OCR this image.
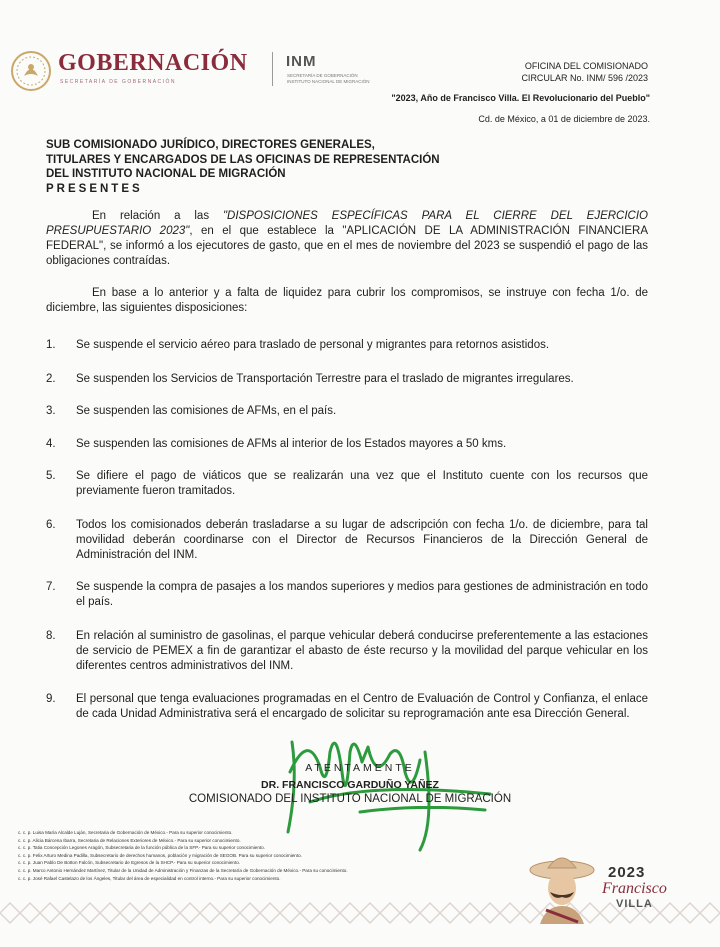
GOBERNACIÓN
SECRETARÍA DE GOBERNACIÓN
INM
SECRETARÍA DE GOBERNACIÓN INSTITUTO NACIONAL DE MIGRACIÓN
OFICINA DEL COMISIONADO
CIRCULAR No. INM/ 596 /2023
"2023, Año de Francisco Villa. El Revolucionario del Pueblo"
Cd. de México, a 01 de diciembre de 2023.
SUB COMISIONADO JURÍDICO, DIRECTORES GENERALES,
TITULARES Y ENCARGADOS DE LAS OFICINAS DE REPRESENTACIÓN
DEL INSTITUTO NACIONAL DE MIGRACIÓN
PRESENTES
En relación a las "DISPOSICIONES ESPECÍFICAS PARA EL CIERRE DEL EJERCICIO PRESUPUESTARIO 2023", en el que establece la "APLICACIÓN DE LA ADMINISTRACIÓN FINANCIERA FEDERAL", se informó a los ejecutores de gasto, que en el mes de noviembre del 2023 se suspendió el pago de las obligaciones contraídas.
En base a lo anterior y a falta de liquidez para cubrir los compromisos, se instruye con fecha 1/o. de diciembre, las siguientes disposiciones:
1. Se suspende el servicio aéreo para traslado de personal y migrantes para retornos asistidos.
2. Se suspenden los Servicios de Transportación Terrestre para el traslado de migrantes irregulares.
3. Se suspenden las comisiones de AFMs, en el país.
4. Se suspenden las comisiones de AFMs al interior de los Estados mayores a 50 kms.
5. Se difiere el pago de viáticos que se realizarán una vez que el Instituto cuente con los recursos que previamente fueron tramitados.
6. Todos los comisionados deberán trasladarse a su lugar de adscripción con fecha 1/o. de diciembre, para tal movilidad deberán coordinarse con el Director de Recursos Financieros de la Dirección General de Administración del INM.
7. Se suspende la compra de pasajes a los mandos superiores y medios para gestiones de administración en todo el país.
8. En relación al suministro de gasolinas, el parque vehicular deberá conducirse preferentemente a las estaciones de servicio de PEMEX a fin de garantizar el abasto de éste recurso y la movilidad del parque vehicular en los diferentes centros administrativos del INM.
9. El personal que tenga evaluaciones programadas en el Centro de Evaluación de Control y Confianza, el enlace de cada Unidad Administrativa será el encargado de solicitar su reprogramación ante esa Dirección General.
ATENTAMENTE
DR. FRANCISCO GARDUÑO YAÑEZ
COMISIONADO DEL INSTITUTO NACIONAL DE MIGRACIÓN
c. c. p. Luisa María Alcalde Luján, Secretaria de Gobernación de México.- Para su superior conocimiento.
c. c. p. Alicia Bárcena Ibarra, Secretaria de Relaciones Exteriores de México.- Para su superior conocimiento.
c. c. p. Tatia Concepción Legones Aragón, Subsecretaria de la función pública de la SFP.- Para su superior conocimiento.
c. c. p. Felix Arturo Medina Padilla, Subsecretario de derechos humanos, población y migración de SEGOB. Para su superior conocimiento.
c. c. p. Juan Pablo De Botton Falcón, Subsecretario de Egresos de la SHCP.- Para su superior conocimiento.
c. c. p. Marco Antonio Hernández Martínez, Titular de la Unidad de Administración y Finanzas de la Secretaría de Gobernación de México.- Para su conocimiento.
c. c. p. José Rafael Castelazo de los Ángeles, Titular del área de especialidad en control interno.- Para su superior conocimiento.	2023
Francisco
VILLA
